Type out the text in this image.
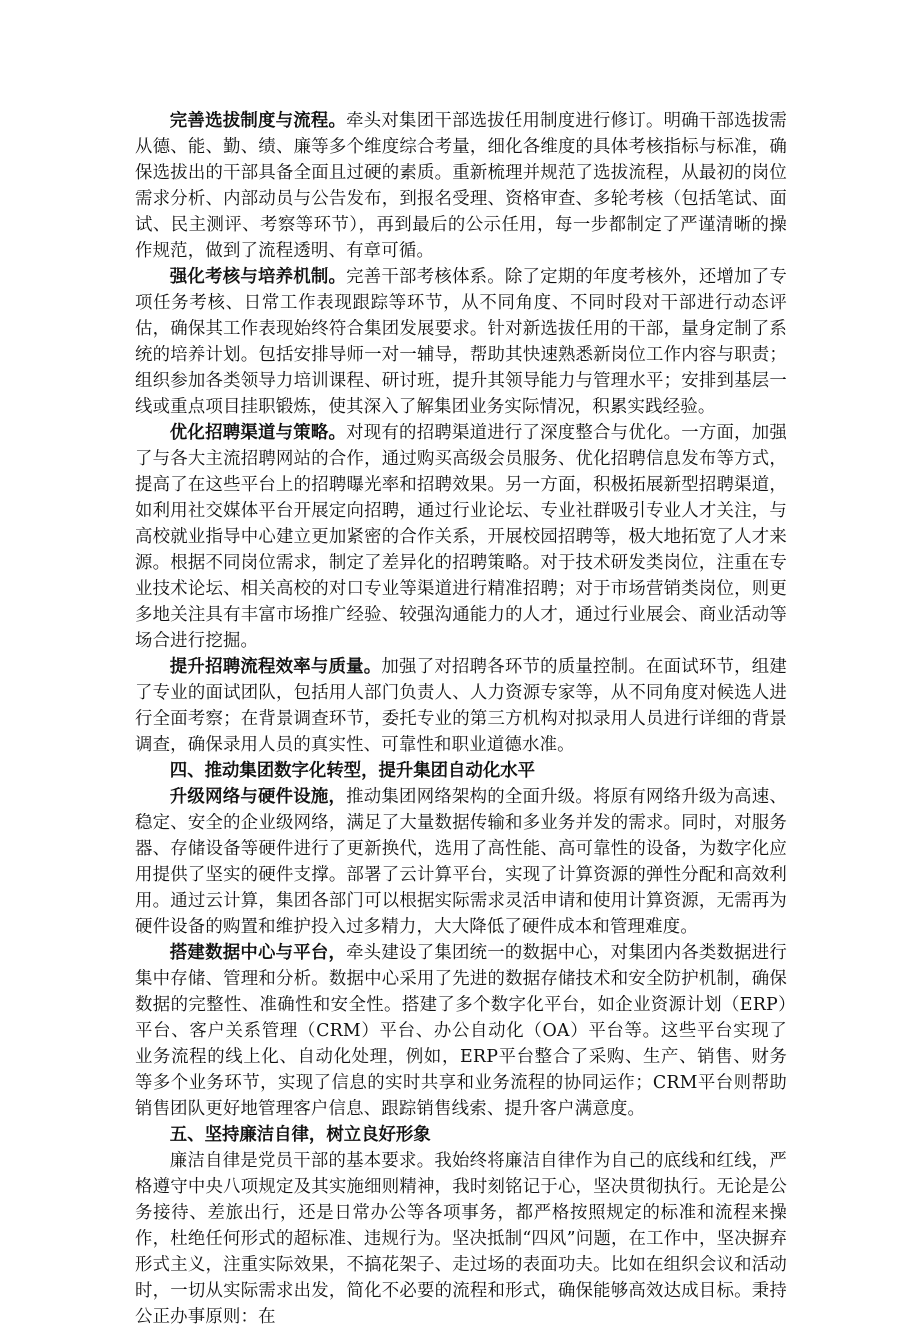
完善选拔制度与流程。牵头对集团干部选拔任用制度进行修订。明确干部选拔需从德、能、勤、绩、廉等多个维度综合考量，细化各维度的具体考核指标与标准，确保选拔出的干部具备全面且过硬的素质。重新梳理并规范了选拔流程，从最初的岗位需求分析、内部动员与公告发布，到报名受理、资格审查、多轮考核（包括笔试、面试、民主测评、考察等环节），再到最后的公示任用，每一步都制定了严谨清晰的操作规范，做到了流程透明、有章可循。

强化考核与培养机制。完善干部考核体系。除了定期的年度考核外，还增加了专项任务考核、日常工作表现跟踪等环节，从不同角度、不同时段对干部进行动态评估，确保其工作表现始终符合集团发展要求。针对新选拔任用的干部，量身定制了系统的培养计划。包括安排导师一对一辅导，帮助其快速熟悉新岗位工作内容与职责；组织参加各类领导力培训课程、研讨班，提升其领导能力与管理水平；安排到基层一线或重点项目挂职锻炼，使其深入了解集团业务实际情况，积累实践经验。

优化招聘渠道与策略。对现有的招聘渠道进行了深度整合与优化。一方面，加强了与各大主流招聘网站的合作，通过购买高级会员服务、优化招聘信息发布等方式，提高了在这些平台上的招聘曝光率和招聘效果。另一方面，积极拓展新型招聘渠道，如利用社交媒体平台开展定向招聘，通过行业论坛、专业社群吸引专业人才关注，与高校就业指导中心建立更加紧密的合作关系，开展校园招聘等，极大地拓宽了人才来源。根据不同岗位需求，制定了差异化的招聘策略。对于技术研发类岗位，注重在专业技术论坛、相关高校的对口专业等渠道进行精准招聘；对于市场营销类岗位，则更多地关注具有丰富市场推广经验、较强沟通能力的人才，通过行业展会、商业活动等场合进行挖掘。

提升招聘流程效率与质量。加强了对招聘各环节的质量控制。在面试环节，组建了专业的面试团队，包括用人部门负责人、人力资源专家等，从不同角度对候选人进行全面考察；在背景调查环节，委托专业的第三方机构对拟录用人员进行详细的背景调查，确保录用人员的真实性、可靠性和职业道德水准。

四、推动集团数字化转型，提升集团自动化水平

升级网络与硬件设施，推动集团网络架构的全面升级。将原有网络升级为高速、稳定、安全的企业级网络，满足了大量数据传输和多业务并发的需求。同时，对服务器、存储设备等硬件进行了更新换代，选用了高性能、高可靠性的设备，为数字化应用提供了坚实的硬件支撑。部署了云计算平台，实现了计算资源的弹性分配和高效利用。通过云计算，集团各部门可以根据实际需求灵活申请和使用计算资源，无需再为硬件设备的购置和维护投入过多精力，大大降低了硬件成本和管理难度。

搭建数据中心与平台，牵头建设了集团统一的数据中心，对集团内各类数据进行集中存储、管理和分析。数据中心采用了先进的数据存储技术和安全防护机制，确保数据的完整性、准确性和安全性。搭建了多个数字化平台，如企业资源计划（ERP）平台、客户关系管理（CRM）平台、办公自动化（OA）平台等。这些平台实现了业务流程的线上化、自动化处理，例如，ERP平台整合了采购、生产、销售、财务等多个业务环节，实现了信息的实时共享和业务流程的协同运作；CRM平台则帮助销售团队更好地管理客户信息、跟踪销售线索、提升客户满意度。

五、坚持廉洁自律，树立良好形象

廉洁自律是党员干部的基本要求。我始终将廉洁自律作为自己的底线和红线，严格遵守中央八项规定及其实施细则精神，我时刻铭记于心，坚决贯彻执行。无论是公务接待、差旅出行，还是日常办公等各项事务，都严格按照规定的标准和流程来操作，杜绝任何形式的超标准、违规行为。坚决抵制“四风”问题，在工作中，坚决摒弃形式主义，注重实际效果，不搞花架子、走过场的表面功夫。比如在组织会议和活动时，一切从实际需求出发，简化不必要的流程和形式，确保能够高效达成目标。秉持公正办事原则：在
